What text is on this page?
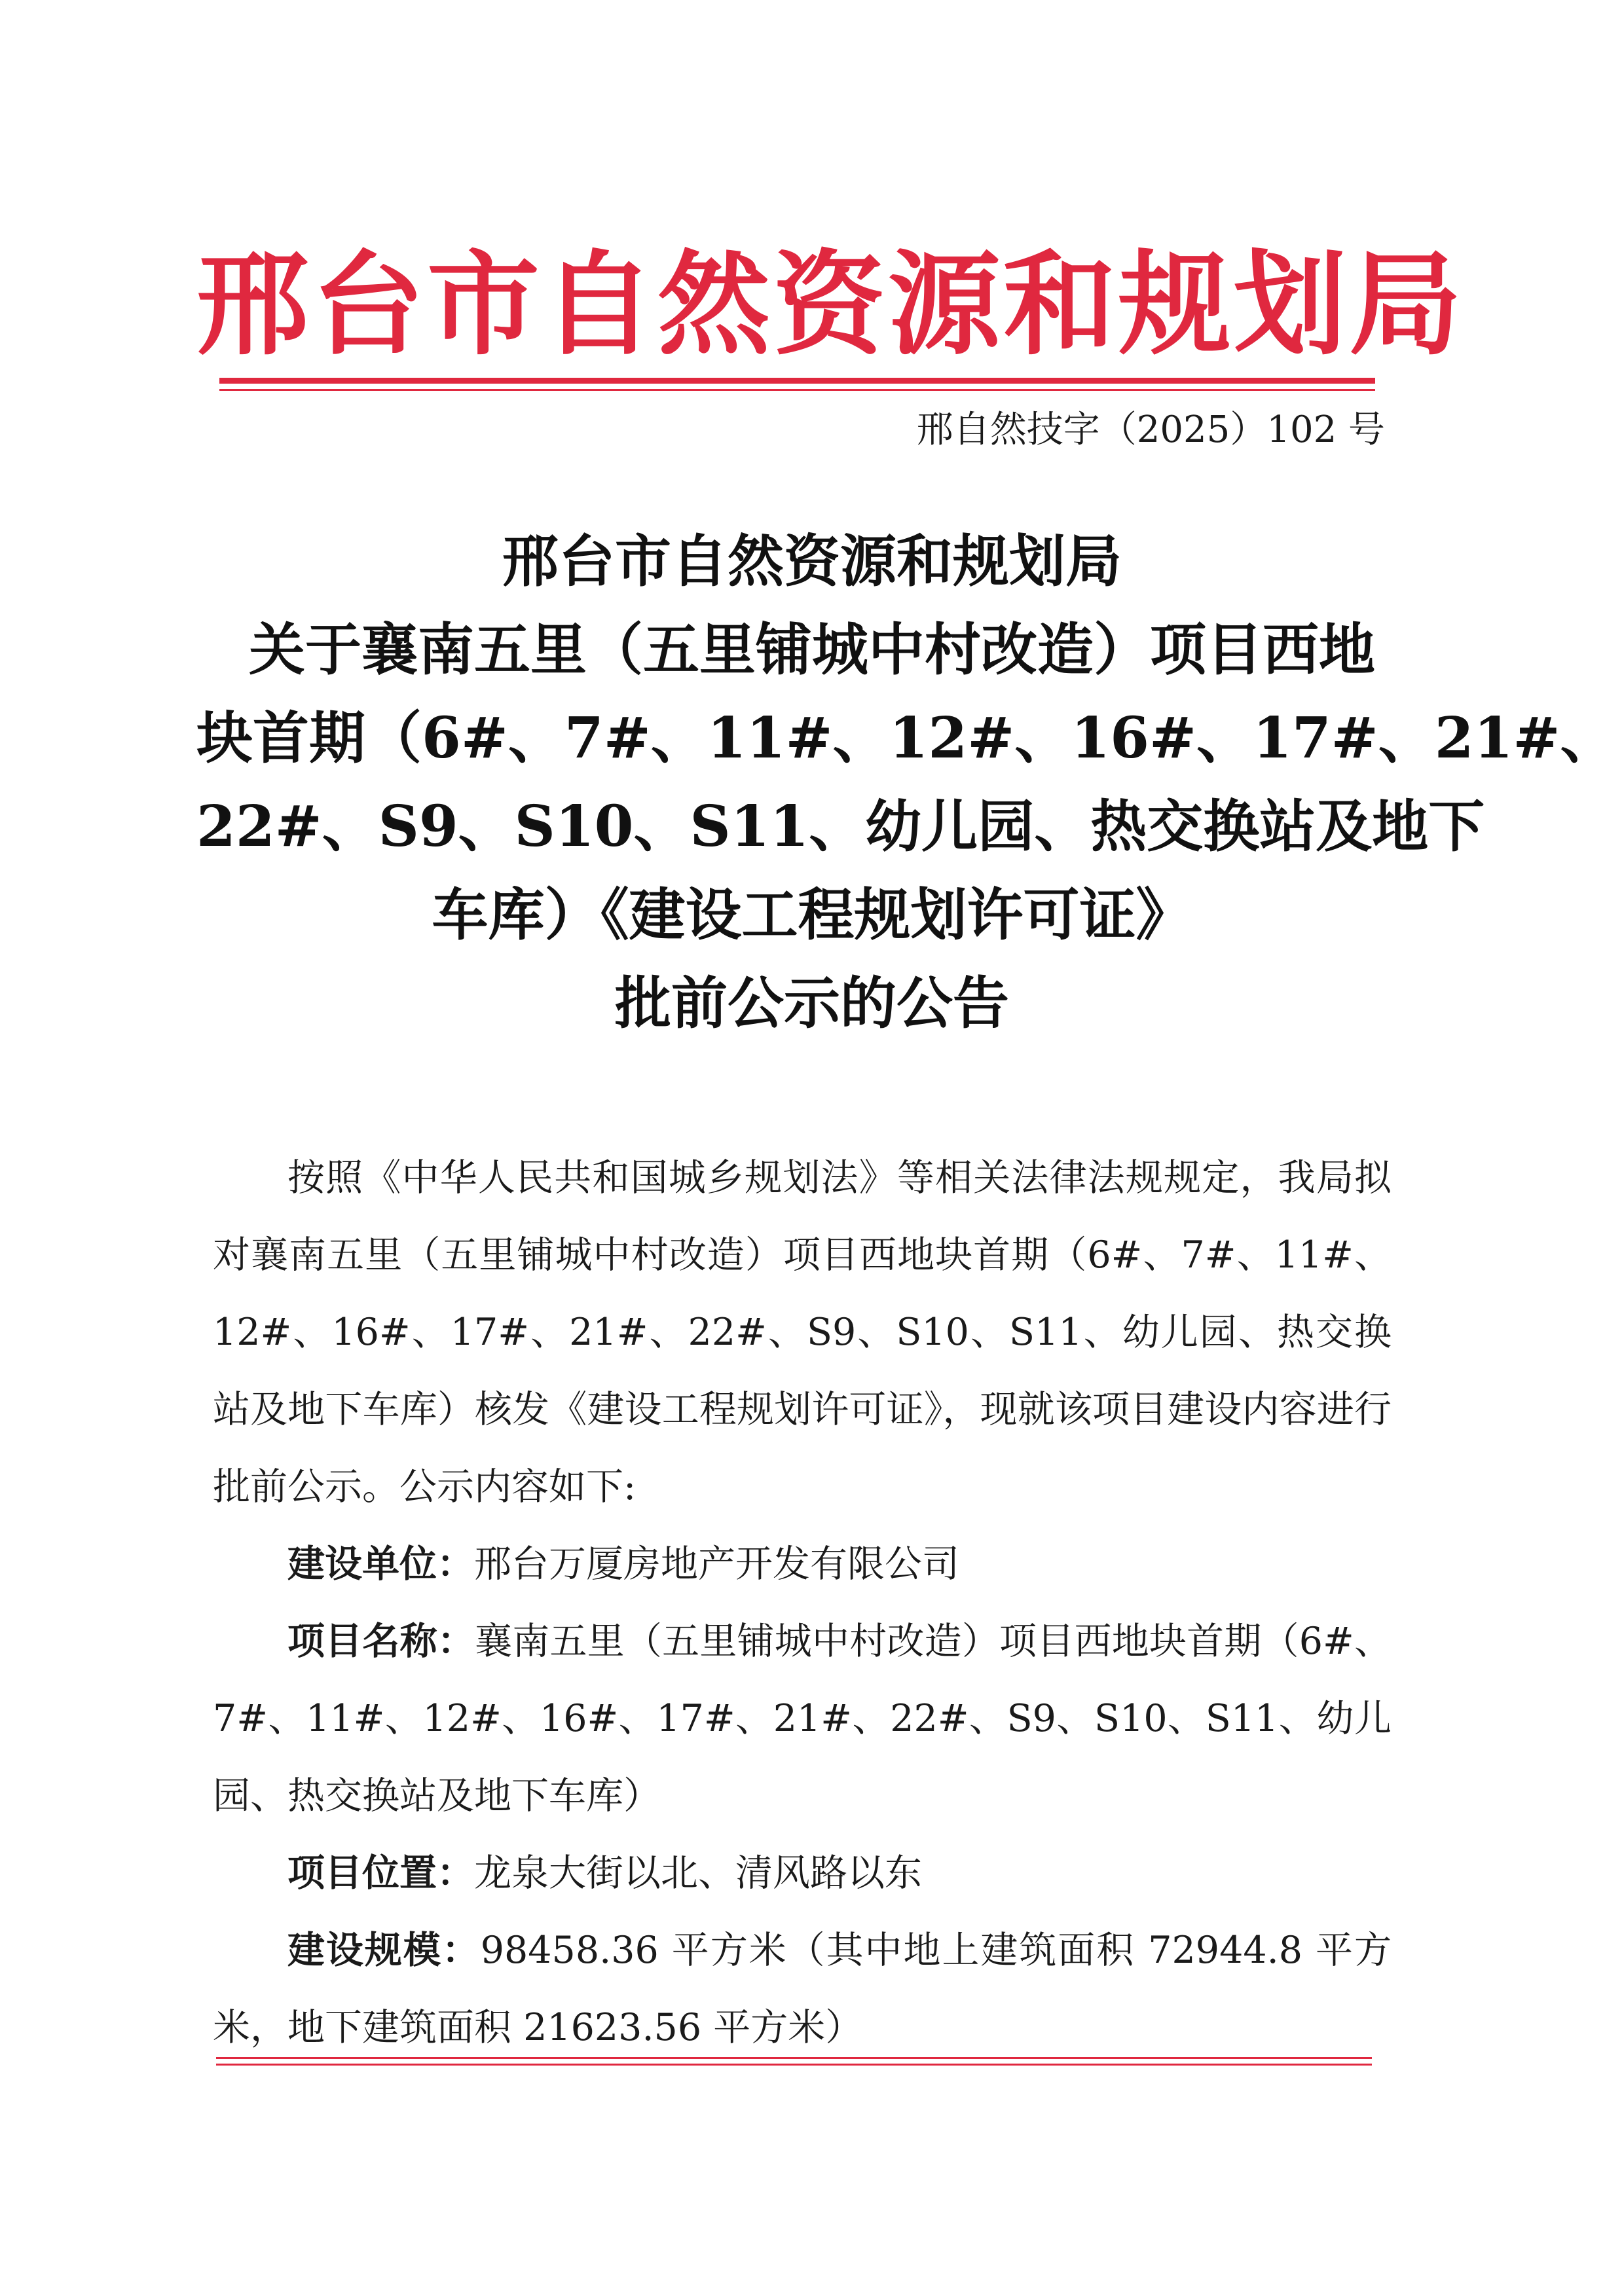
邢台市自然资源和规划局
邢自然技字（2025）102 号
邢台市自然资源和规划局
关于襄南五里（五里铺城中村改造）项目西地
块首期（6#、7#、11#、12#、16#、17#、21#、
22#、S9、S10、S11、幼儿园、热交换站及地下
车库）《建设工程规划许可证》
批前公示的公告

按照《中华人民共和国城乡规划法》等相关法律法规规定，我局拟对襄南五里（五里铺城中村改造）项目西地块首期（6#、7#、11#、12#、16#、17#、21#、22#、S9、S10、S11、幼儿园、热交换站及地下车库）核发《建设工程规划许可证》，现就该项目建设内容进行批前公示。公示内容如下:

建设单位：邢台万厦房地产开发有限公司

项目名称：襄南五里（五里铺城中村改造）项目西地块首期（6#、7#、11#、12#、16#、17#、21#、22#、S9、S10、S11、幼儿园、热交换站及地下车库）

项目位置：龙泉大街以北、清风路以东

建设规模：98458.36 平方米（其中地上建筑面积 72944.8 平方米，地下建筑面积 21623.56 平方米）
